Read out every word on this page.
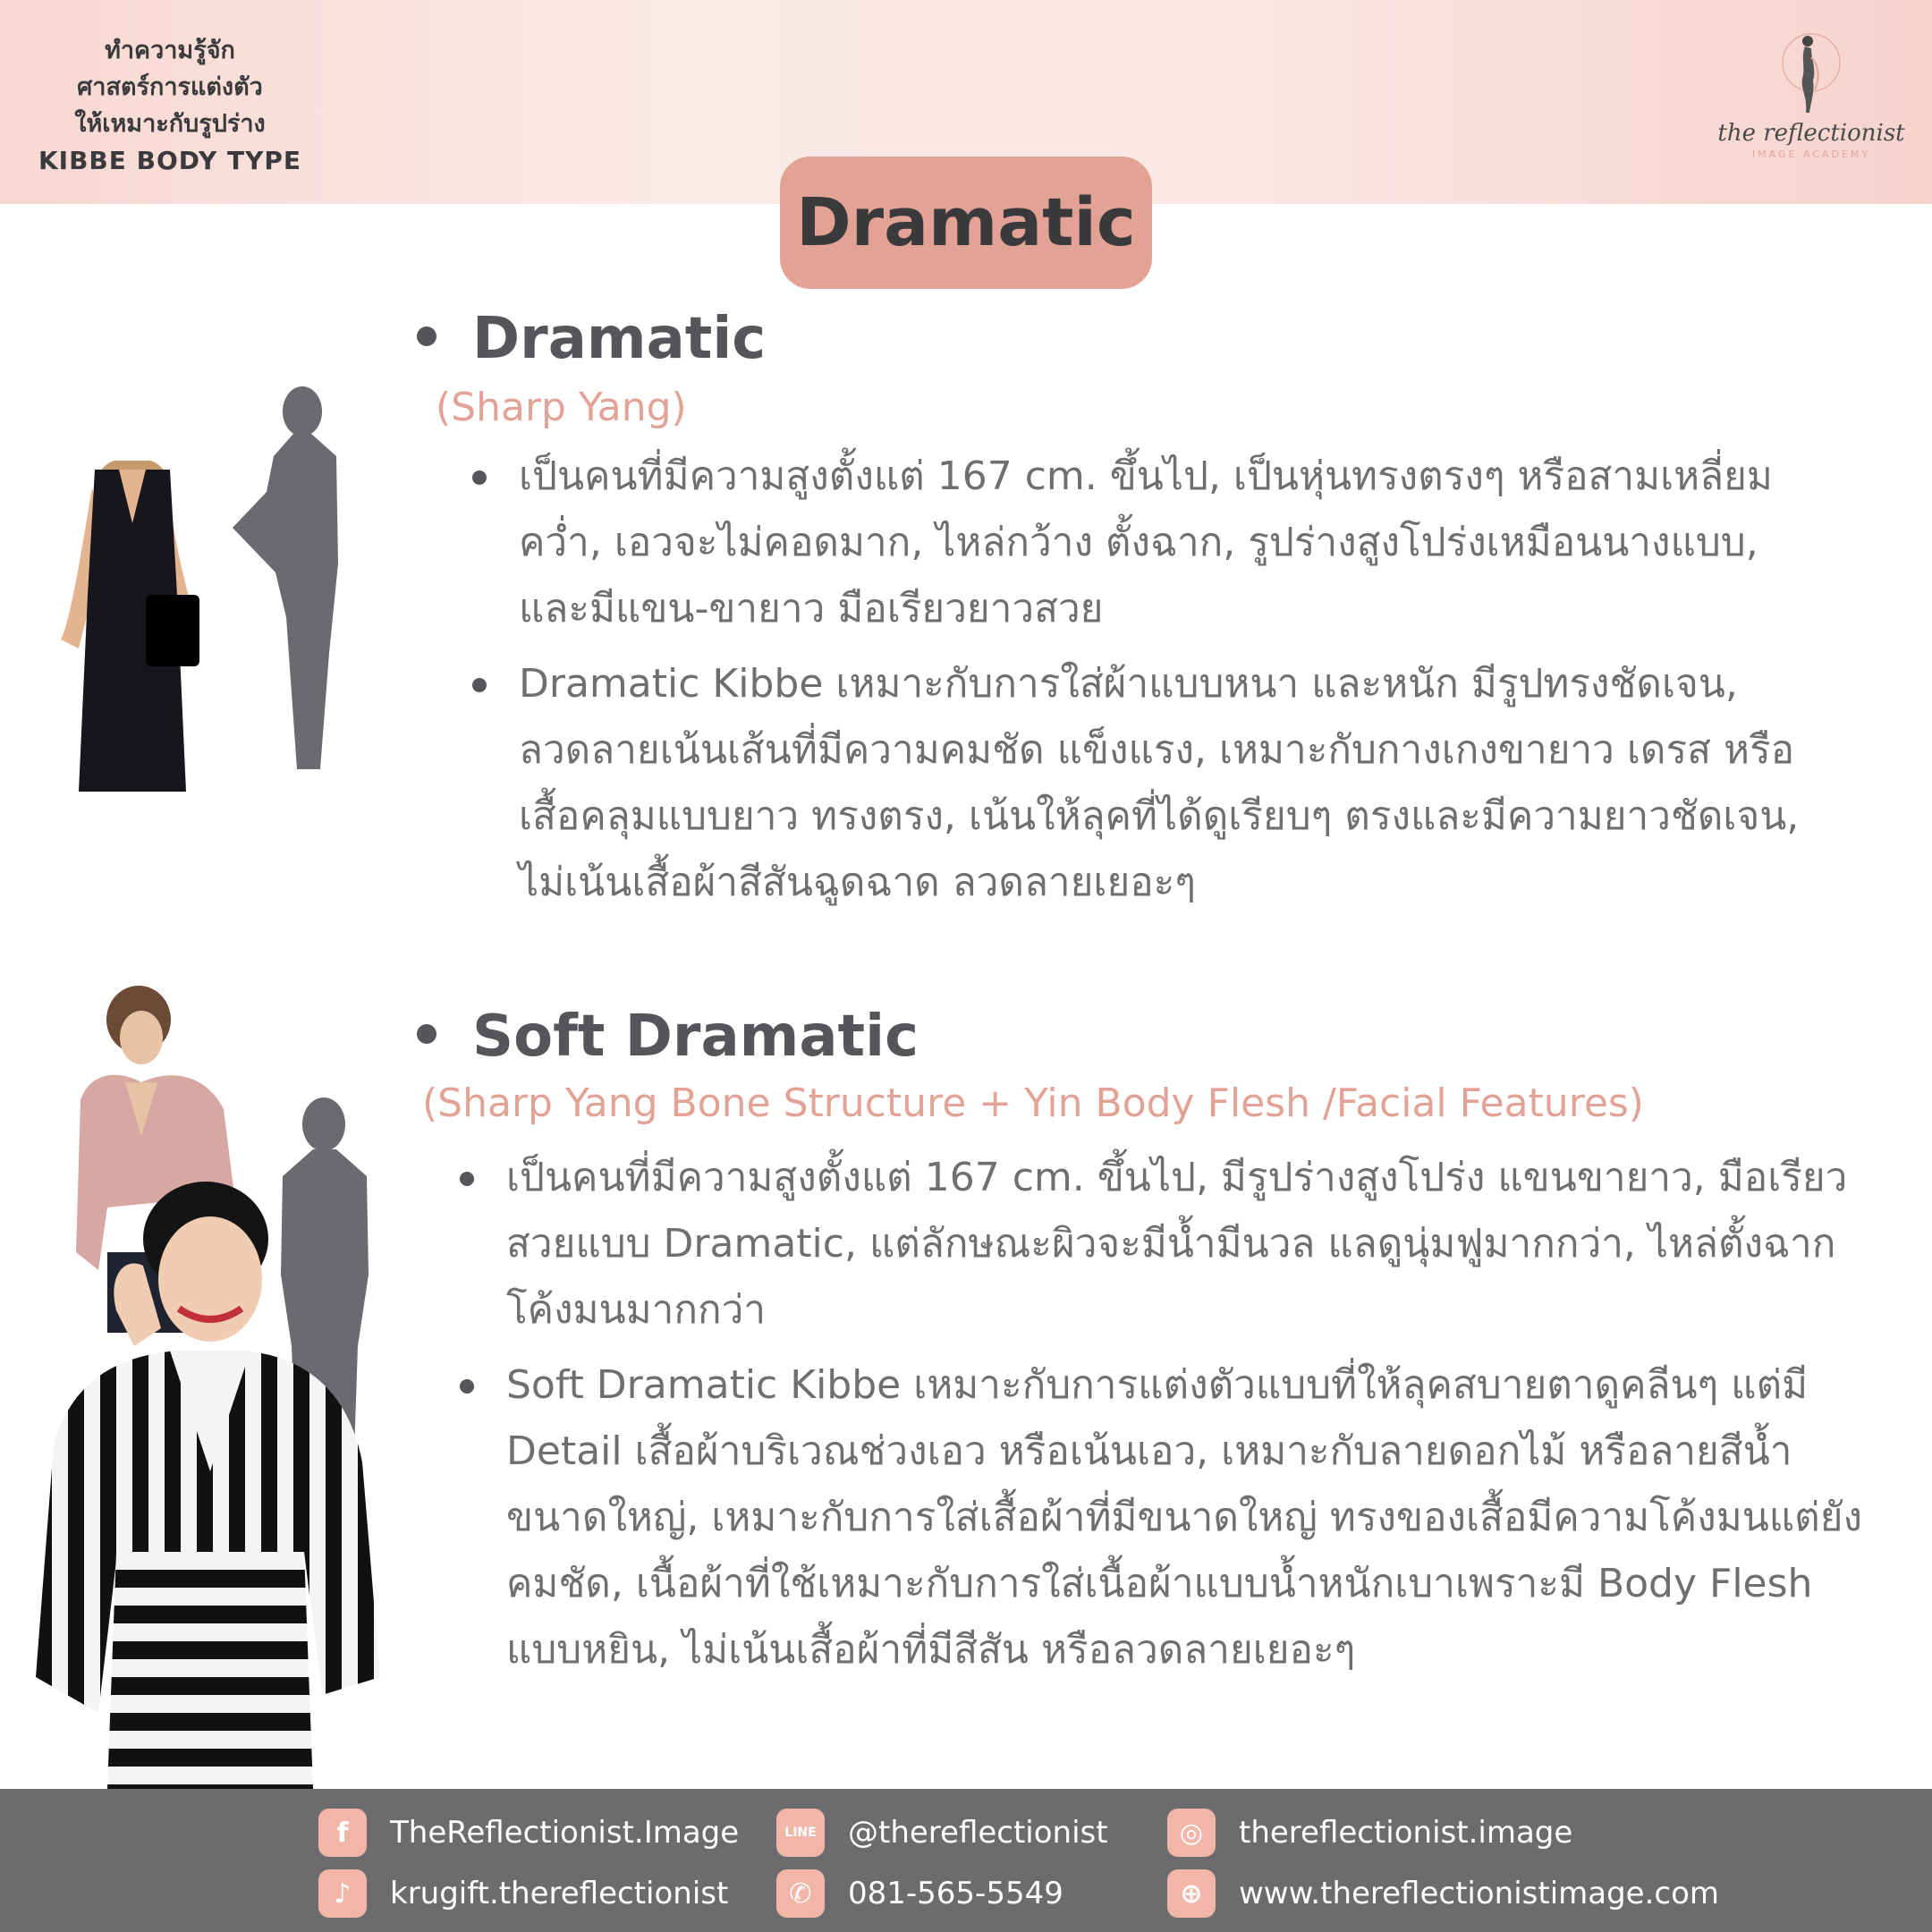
ทำความรู้จัก
ศาสตร์การแต่งตัว
ให้เหมาะกับรูปร่าง
KIBBE BODY TYPE
the reflectionist
IMAGE ACADEMY
Dramatic
Dramatic
(Sharp Yang)
เป็นคนที่มีความสูงตั้งแต่ 167 cm. ขึ้นไป, เป็นหุ่นทรงตรงๆ หรือสามเหลี่ยมคว่ำ, เอวจะไม่คอดมาก, ไหล่กว้าง ตั้งฉาก, รูปร่างสูงโปร่งเหมือนนางแบบ, และมีแขน-ขายาว มือเรียวยาวสวย
Dramatic Kibbe เหมาะกับการใส่ผ้าแบบหนา และหนัก มีรูปทรงชัดเจน, ลวดลายเน้นเส้นที่มีความคมชัด แข็งแรง, เหมาะกับกางเกงขายาว เดรส หรือเสื้อคลุมแบบยาว ทรงตรง, เน้นให้ลุคที่ได้ดูเรียบๆ ตรงและมีความยาวชัดเจน, ไม่เน้นเสื้อผ้าสีสันฉูดฉาด ลวดลายเยอะๆ
Soft Dramatic
(Sharp Yang Bone Structure + Yin Body Flesh /Facial Features)
เป็นคนที่มีความสูงตั้งแต่ 167 cm. ขึ้นไป, มีรูปร่างสูงโปร่ง แขนขายาว, มือเรียวสวยแบบ Dramatic, แต่ลักษณะผิวจะมีน้ำมีนวล แลดูนุ่มฟูมากกว่า, ไหล่ตั้งฉากโค้งมนมากกว่า
Soft Dramatic Kibbe เหมาะกับการแต่งตัวแบบที่ให้ลุคสบายตาดูคลีนๆ แต่มี Detail เสื้อผ้าบริเวณช่วงเอว หรือเน้นเอว, เหมาะกับลายดอกไม้ หรือลายสีน้ำขนาดใหญ่, เหมาะกับการใส่เสื้อผ้าที่มีขนาดใหญ่ ทรงของเสื้อมีความโค้งมนแต่ยังคมชัด, เนื้อผ้าที่ใช้เหมาะกับการใส่เนื้อผ้าแบบน้ำหนักเบาเพราะมี Body Flesh แบบหยิน, ไม่เน้นเสื้อผ้าที่มีสีสัน หรือลวดลายเยอะๆ
f	TheReflectionist.Image	LINE @thereflectionist	◎	thereflectionist.image
♪	krugift.thereflectionist	✆	081-565-5549	⊕	www.thereflectionistimage.com
